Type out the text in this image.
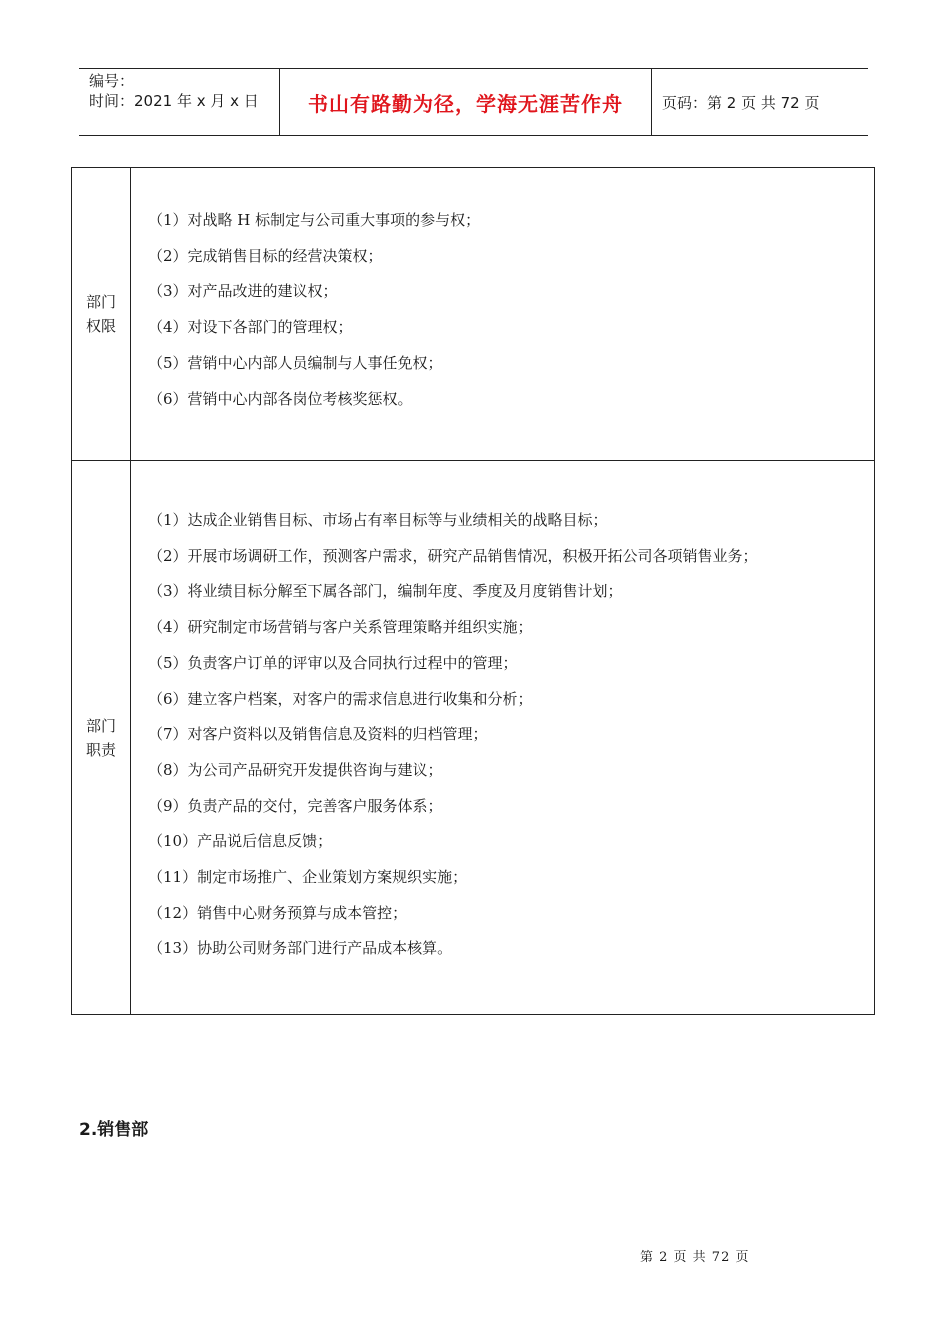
编号：
时间：2021 年 x 月 x 日	书山有路勤为径，学海无涯苦作舟	页码：第 2 页 共 72 页
部门
权限
（1）对战略 H 标制定与公司重大事项的参与权；
（2）完成销售目标的经营决策权；
（3）对产品改进的建议权；
（4）对设下各部门的管理权；
（5）营销中心内部人员编制与人事任免权；
（6）营销中心内部各岗位考核奖惩权。
部门
职责
（1）达成企业销售目标、市场占有率目标等与业绩相关的战略目标；
（2）开展市场调研工作，预测客户需求，研究产品销售情况，积极开拓公司各项销售业务；
（3）将业绩目标分解至下属各部门，编制年度、季度及月度销售计划；
（4）研究制定市场营销与客户关系管理策略并组织实施；
（5）负责客户订单的评审以及合同执行过程中的管理；
（6）建立客户档案，对客户的需求信息进行收集和分析；
（7）对客户资料以及销售信息及资料的归档管理；
（8）为公司产品研究开发提供咨询与建议；
（9）负责产品的交付，完善客户服务体系；
（10）产品说后信息反馈；
（11）制定市场推广、企业策划方案规织实施；
（12）销售中心财务预算与成本管控；
（13）协助公司财务部门进行产品成本核算。
2.销售部
第 2 页 共 72 页
